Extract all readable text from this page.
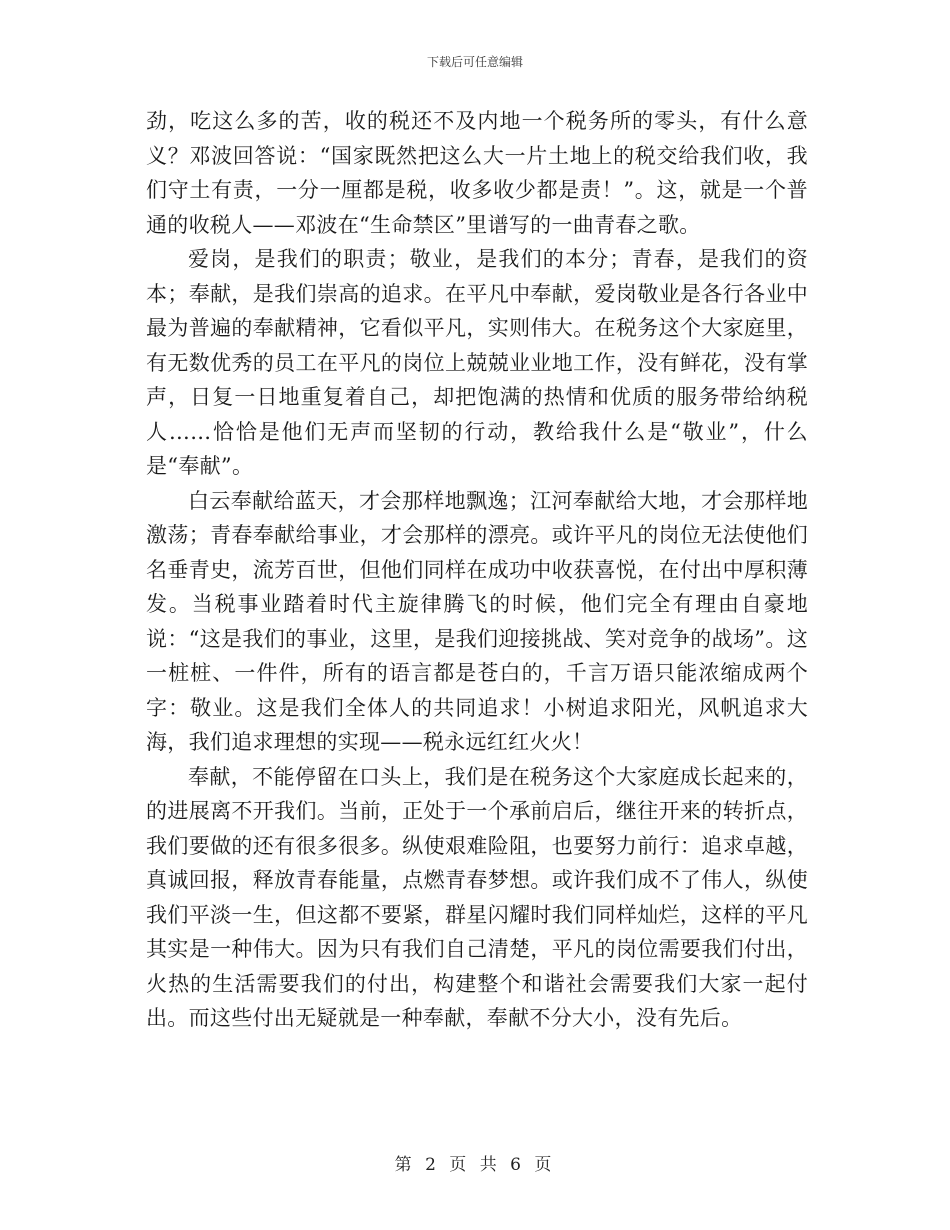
下载后可任意编辑

劲，吃这么多的苦，收的税还不及内地一个税务所的零头，有什么意义？邓波回答说：“国家既然把这么大一片土地上的税交给我们收，我们守土有责，一分一厘都是税，收多收少都是责！”。这，就是一个普通的收税人——邓波在“生命禁区”里谱写的一曲青春之歌。

爱岗，是我们的职责；敬业，是我们的本分；青春，是我们的资本；奉献，是我们崇高的追求。在平凡中奉献，爱岗敬业是各行各业中最为普遍的奉献精神，它看似平凡，实则伟大。在税务这个大家庭里，有无数优秀的员工在平凡的岗位上兢兢业业地工作，没有鲜花，没有掌声，日复一日地重复着自己，却把饱满的热情和优质的服务带给纳税人……恰恰是他们无声而坚韧的行动，教给我什么是“敬业”，什么是“奉献”。

白云奉献给蓝天，才会那样地飘逸；江河奉献给大地，才会那样地激荡；青春奉献给事业，才会那样的漂亮。或许平凡的岗位无法使他们名垂青史，流芳百世，但他们同样在成功中收获喜悦，在付出中厚积薄发。当税事业踏着时代主旋律腾飞的时候，他们完全有理由自豪地说：“这是我们的事业，这里，是我们迎接挑战、笑对竞争的战场”。这一桩桩、一件件，所有的语言都是苍白的，千言万语只能浓缩成两个字：敬业。这是我们全体人的共同追求！小树追求阳光，风帆追求大海，我们追求理想的实现——税永远红红火火！

奉献，不能停留在口头上，我们是在税务这个大家庭成长起来的，的进展离不开我们。当前，正处于一个承前启后，继往开来的转折点，我们要做的还有很多很多。纵使艰难险阻，也要努力前行：追求卓越，真诚回报，释放青春能量，点燃青春梦想。或许我们成不了伟人，纵使我们平淡一生，但这都不要紧，群星闪耀时我们同样灿烂，这样的平凡其实是一种伟大。因为只有我们自己清楚，平凡的岗位需要我们付出，火热的生活需要我们的付出，构建整个和谐社会需要我们大家一起付出。而这些付出无疑就是一种奉献，奉献不分大小，没有先后。

第 2 页 共 6 页
